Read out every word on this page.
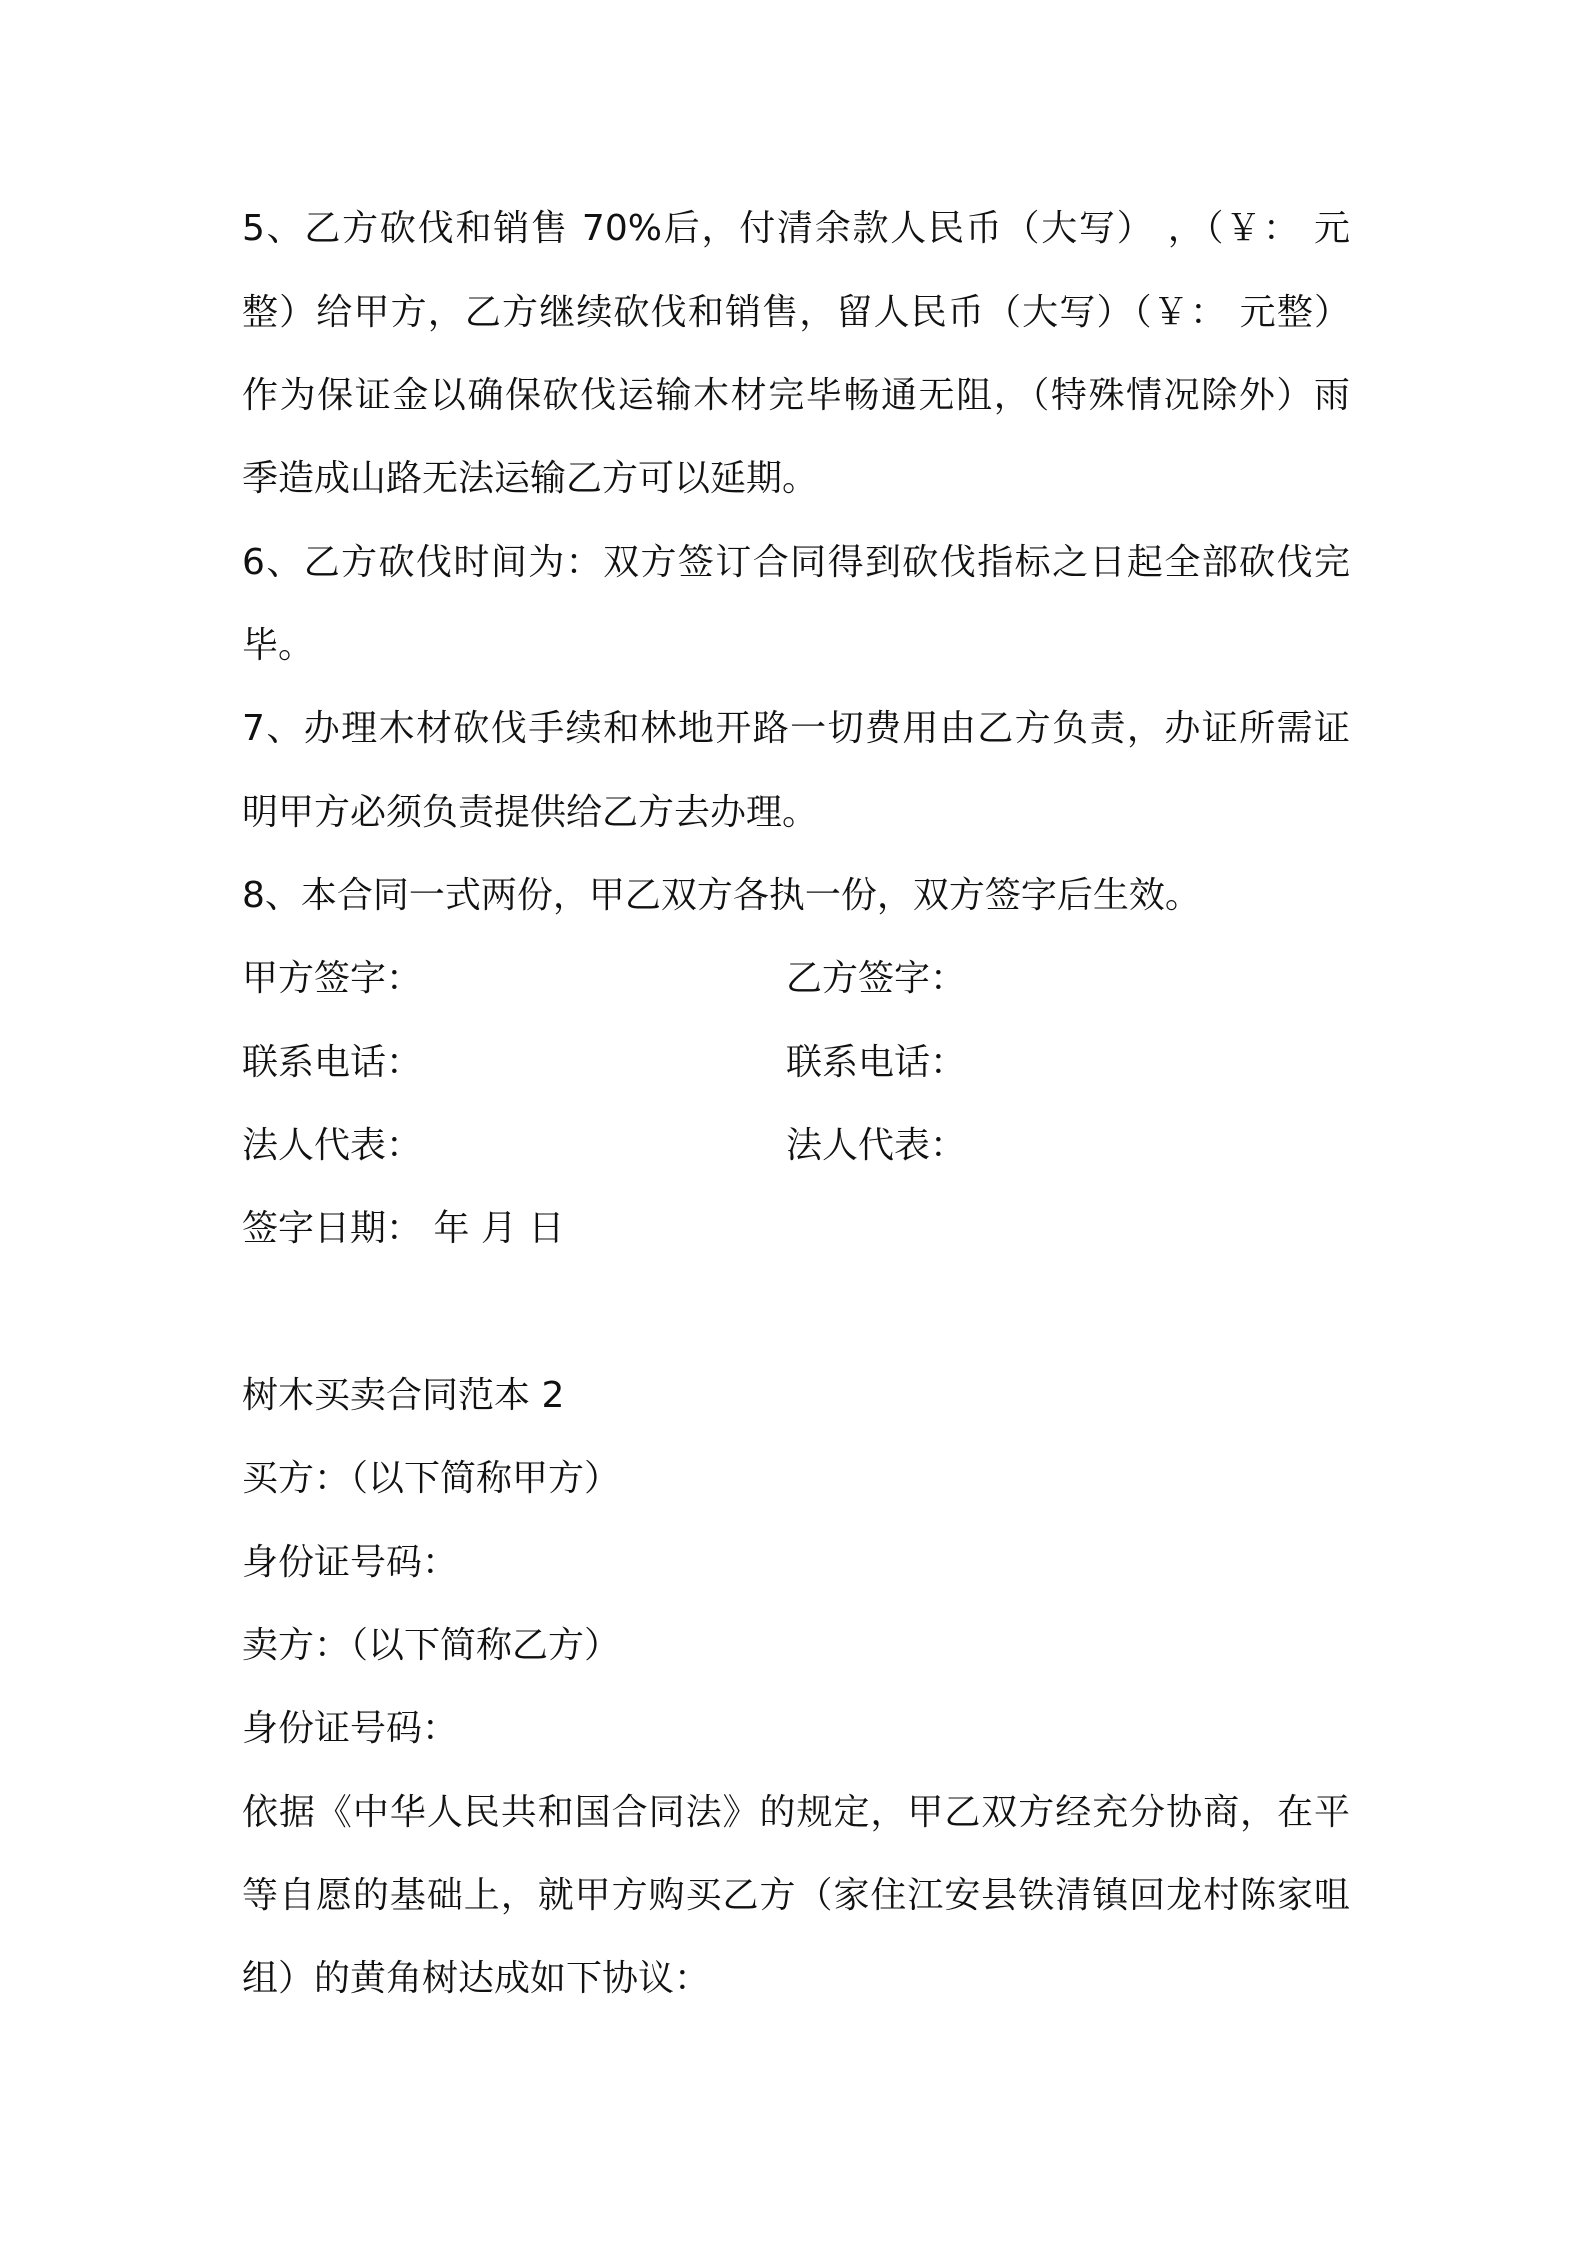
5、乙方砍伐和销售 70%后，付清余款人民币（大写） ，（￥： 元
整）给甲方，乙方继续砍伐和销售，留人民币（大写）（￥： 元整）
作为保证金以确保砍伐运输木材完毕畅通无阻，（特殊情况除外）雨
季造成山路无法运输乙方可以延期。
6、乙方砍伐时间为：双方签订合同得到砍伐指标之日起全部砍伐完
毕。
7、办理木材砍伐手续和林地开路一切费用由乙方负责，办证所需证
明甲方必须负责提供给乙方去办理。
8、本合同一式两份，甲乙双方各执一份，双方签字后生效。
甲方签字：	乙方签字：
联系电话：	联系电话：
法人代表：	法人代表：
签字日期： 年 月 日
树木买卖合同范本 2
买方：（以下简称甲方）
身份证号码：
卖方：（以下简称乙方）
身份证号码：
依据《中华人民共和国合同法》的规定，甲乙双方经充分协商，在平
等自愿的基础上，就甲方购买乙方（家住江安县铁清镇回龙村陈家咀
组）的黄角树达成如下协议：
